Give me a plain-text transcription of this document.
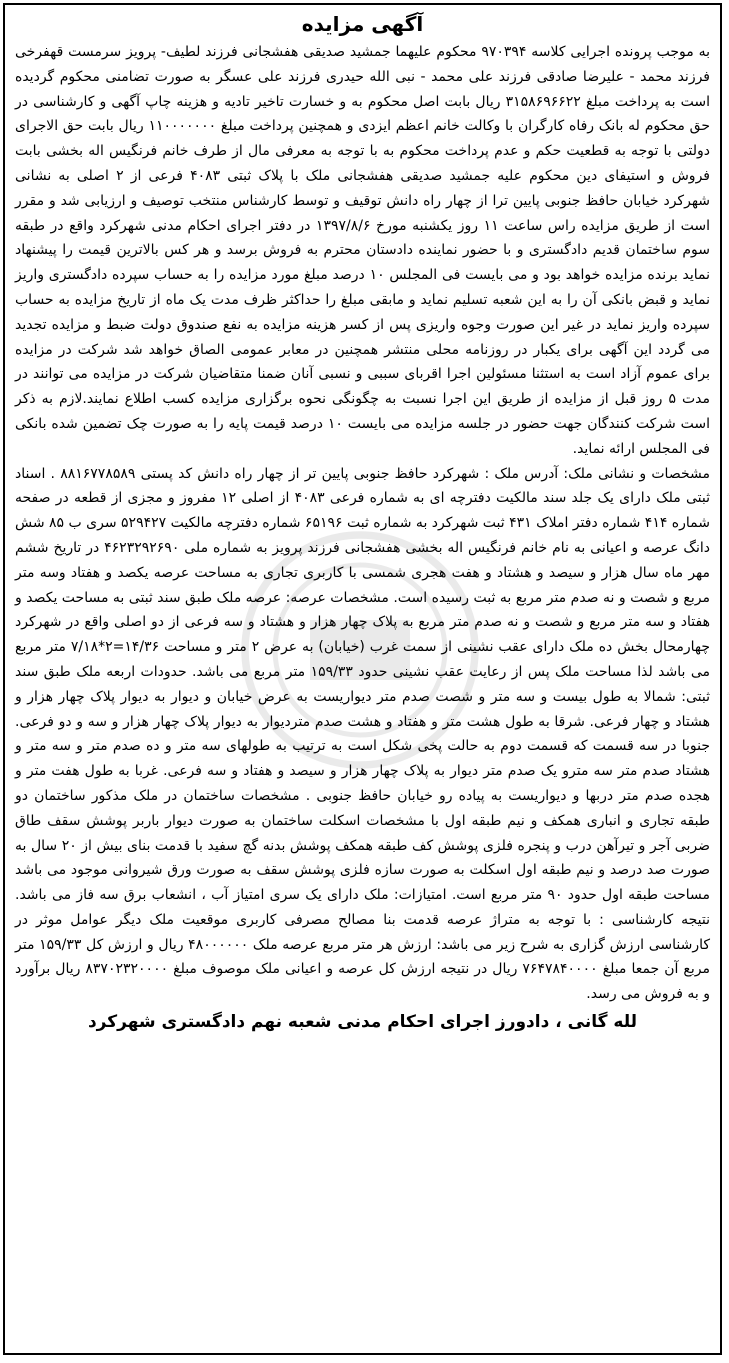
آگهی مزایده

به موجب پرونده اجرایی کلاسه ۹۷۰۳۹۴ محکوم علیهما جمشید صدیقی هفشجانی فرزند لطیف- پرویز سرمست قهفرخی فرزند محمد - علیرضا صادقی فرزند علی محمد - نبی الله حیدری فرزند علی عسگر به صورت تضامنی محکوم گردیده است به پرداخت مبلغ ۳۱۵۸۶۹۶۶۲۲ ریال بابت اصل محکوم به و خسارت تاخیر تادیه و هزینه چاپ آگهی و کارشناسی در حق محکوم له بانک رفاه کارگران با وکالت خانم اعظم ایزدی و همچنین پرداخت مبلغ ۱۱۰۰۰۰۰۰۰ ریال بابت حق الاجرای دولتی با توجه به قطعیت حکم و عدم پرداخت محکوم به با توجه به معرفی مال از طرف خانم فرنگیس اله بخشی بابت فروش و استیفای دین محکوم علیه جمشید صدیقی هفشجانی ملک با پلاک ثبتی ۴۰۸۳ فرعی از ۲ اصلی به نشانی شهرکرد خیابان حافظ جنوبی پایین ترا از چهار راه دانش توقیف و توسط کارشناس منتخب توصیف و ارزیابی شد و مقرر است از طریق مزایده راس ساعت ۱۱ روز یکشنبه مورخ ۱۳۹۷/۸/۶ در دفتر اجرای احکام مدنی شهرکرد واقع در طبقه سوم ساختمان قدیم دادگستری و با حضور نماینده دادستان محترم به فروش برسد و هر کس بالاترین قیمت را پیشنهاد نماید برنده مزایده خواهد بود و می بایست فی المجلس ۱۰ درصد مبلغ مورد مزایده را به حساب سپرده دادگستری واریز نماید و قبض بانکی آن را به این شعبه تسلیم نماید و مابقی مبلغ را حداکثر ظرف مدت یک ماه از تاریخ مزایده به حساب سپرده واریز نماید در غیر این صورت وجوه واریزی پس از کسر هزینه مزایده به نفع صندوق دولت ضبط و مزایده تجدید می گردد این آگهی برای یکبار در روزنامه محلی منتشر همچنین در معابر عمومی الصاق خواهد شد شرکت در مزایده برای عموم آزاد است به استثنا مسئولین اجرا اقربای سببی و نسبی آنان ضمنا متقاضیان شرکت در مزایده می توانند در مدت ۵ روز قبل از مزایده از طریق این اجرا نسبت به چگونگی نحوه برگزاری مزایده کسب اطلاع نمایند.لازم به ذکر است شرکت کنندگان جهت حضور در جلسه مزایده می بایست ۱۰ درصد قیمت پایه را به صورت چک تضمین شده بانکی فی المجلس ارائه نماید.

مشخصات و نشانی ملک: آدرس ملک : شهرکرد حافظ جنوبی پایین تر از چهار راه دانش کد پستی ۸۸۱۶۷۷۸۵۸۹ . اسناد ثبتی ملک دارای یک جلد سند مالکیت دفترچه ای به شماره فرعی ۴۰۸۳ از اصلی ۱۲ مفروز و مجزی از قطعه در صفحه شماره ۴۱۴ شماره دفتر املاک ۴۳۱ ثبت شهرکرد به شماره ثبت ۶۵۱۹۶ شماره دفترچه مالکیت ۵۲۹۴۲۷ سری ب ۸۵ شش دانگ عرصه و اعیانی به نام خانم فرنگیس اله بخشی هفشجانی فرزند پرویز به شماره ملی ۴۶۲۳۲۹۲۶۹۰ در تاریخ ششم مهر ماه سال هزار و سیصد و هشتاد و هفت هجری شمسی با کاربری تجاری به مساحت عرصه یکصد و هفتاد وسه متر مربع و شصت و نه صدم متر مربع به ثبت رسیده است. مشخصات عرصه: عرصه ملک طبق سند ثبتی به مساحت یکصد و هفتاد و سه متر مربع و شصت و نه صدم متر مربع به پلاک چهار هزار و هشتاد و سه فرعی از دو اصلی واقع در شهرکرد چهارمحال بخش ده ملک دارای عقب نشینی از سمت غرب (خیابان) به عرض ۲ متر و مساحت ۱۴/۳۶=۲*۷/۱۸ متر مربع می باشد لذا مساحت ملک پس از رعایت عقب نشینی حدود ۱۵۹/۳۳ متر مربع می باشد. حدودات اربعه ملک طبق سند ثبتی: شمالا به طول بیست و سه متر و شصت صدم متر دیواریست به عرض خیابان و دیوار به دیوار پلاک چهار هزار و هشتاد و چهار فرعی. شرقا به طول هشت متر و هفتاد و هشت صدم متردیوار به دیوار پلاک چهار هزار و سه و دو فرعی. جنوبا در سه قسمت که قسمت دوم به حالت پخی شکل است به ترتیب به طولهای سه متر و ده صدم متر و سه متر و هشتاد صدم متر سه مترو یک صدم متر دیوار به پلاک چهار هزار و سیصد و هفتاد و سه فرعی. غربا به طول هفت متر و هجده صدم متر دربها و دیواریست به پیاده رو خیابان حافظ جنوبی . مشخصات ساختمان در ملک مذکور ساختمان دو طبقه تجاری و انباری همکف و نیم طبقه اول با مشخصات اسکلت ساختمان به صورت دیوار باربر پوشش سقف طاق ضربی آجر و تیرآهن درب و پنجره فلزی پوشش کف طبقه همکف پوشش بدنه گچ سفید با قدمت بنای بیش از ۲۰ سال به صورت صد درصد و نیم طبقه اول اسکلت به صورت سازه فلزی پوشش سقف به صورت ورق شیروانی موجود می باشد مساحت طبقه اول حدود ۹۰ متر مربع است. امتیازات: ملک دارای یک سری امتیاز آب ، انشعاب برق سه فاز می باشد. نتیجه کارشناسی : با توجه به متراژ عرصه قدمت بنا مصالح مصرفی کاربری موقعیت ملک دیگر عوامل موثر در کارشناسی ارزش گزاری به شرح زیر می باشد: ارزش هر متر مربع عرصه ملک ۴۸۰۰۰۰۰۰ ریال و ارزش کل ۱۵۹/۳۳ متر مربع آن جمعا مبلغ ۷۶۴۷۸۴۰۰۰۰ ریال در نتیجه ارزش کل عرصه و اعیانی ملک موصوف مبلغ ۸۳۷۰۲۳۲۰۰۰۰ ریال برآورد و به فروش می رسد.

لله گانی ، دادورز اجرای احکام مدنی شعبه نهم دادگستری شهرکرد
